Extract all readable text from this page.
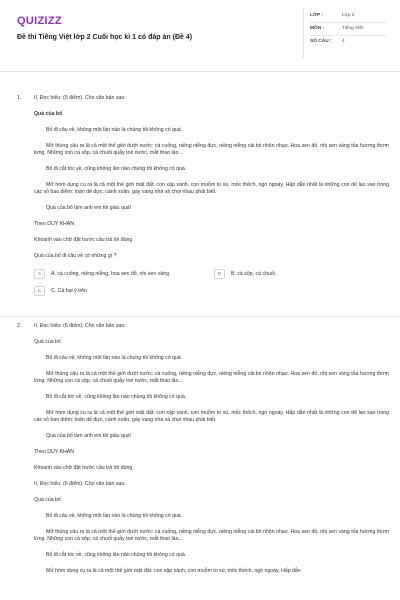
QUIZIZZ
Đề thi Tiếng Việt lớp 2 Cuối học kì 1 có đáp án (Đề 4)
LỚP :	Lớp 2
MÔN :	Tiếng Việt
SỐ CÂU :	4
1. II. Đọc hiểu: (6 điểm). Cho văn bản sau:
Quà của bố
Bố đi câu về, không một lần nào là chúng tôi không có quà.
Mở thúng câu ra là cả một thế giới dưới nước: cà cuống, niềng niễng đực, niềng niễng cái bò nhộn nhạo. Hoa sen đỏ, nhị sen vàng tỏa hương thơm lừng. Những con cá sộp, cá chuối quẫy toé nước, mắt thao láo...
Bố đi cắt tóc về, cũng không lần nào chúng tôi không có quà.
Mở hòm dụng cụ ra là cả một thế giới mặt đất: con xập xành, con muỗm to xù, mốc thếch, ngó ngoáy. Hấp dẫn nhất là những con dế lao xao trong các vỏ bao diêm: toàn dế đực, cánh xoăn, gáy vang nhà và chọi nhau phải biết.
Quà của bố làm anh em tôi giàu quá!
Theo DUY KHÁN
Khoanh vào chữ đặt trước câu trả lời đúng
Quà của bố đi câu về có những gì ?
A	A. cà cuống, niềng niễng, hoa sen đỏ, nhị sen vàng	B	B. cá sộp, cá chuối
C	C. Cả hai ý trên
2. II. Đọc hiểu: (6 điểm). Cho văn bản sau:
Quà của bố
Bố đi câu về, không một lần nào là chúng tôi không có quà.
Mở thúng câu ra là cả một thế giới dưới nước: cà cuống, niềng niễng đực, niềng niễng cái bò nhộn nhạo. Hoa sen đỏ, nhị sen vàng tỏa hương thơm lừng. Những con cá sộp, cá chuối quẫy toé nước, mắt thao láo...
Bố đi cắt tóc về, cũng không lần nào chúng tôi không có quà.
Mở hòm dụng cụ ra là cả một thế giới mặt đất: con xập xành, con muỗm to xù, mốc thếch, ngó ngoáy. Hấp dẫn nhất là những con dế lao xao trong các vỏ bao diêm: toàn dế đực, cánh xoăn, gáy vang nhà và chọi nhau phải biết.
Quà của bố làm anh em tôi giàu quá!
Theo DUY KHÁN
Khoanh vào chữ đặt trước câu trả lời đúng.
II. Đọc hiểu: (6 điểm). Cho văn bản sau:
Quà của bố
Bố đi câu về, không một lần nào là chúng tôi không có quà.
Mở thúng câu ra là cả một thế giới dưới nước: cà cuống, niềng niễng đực, niềng niễng cái bò nhộn nhạo. Hoa sen đỏ, nhị sen vàng tỏa hương thơm lừng. Những con cá sộp, cá chuối quẫy toé nước, mắt thao láo...
Bố đi cắt tóc về, cũng không lần nào chúng tôi không có quà.
Mở hòm dụng cụ ra là cả một thế giới mặt đất: con xập xành, con muỗm to xù, mốc thếch, ngó ngoáy. Hấp dẫn
